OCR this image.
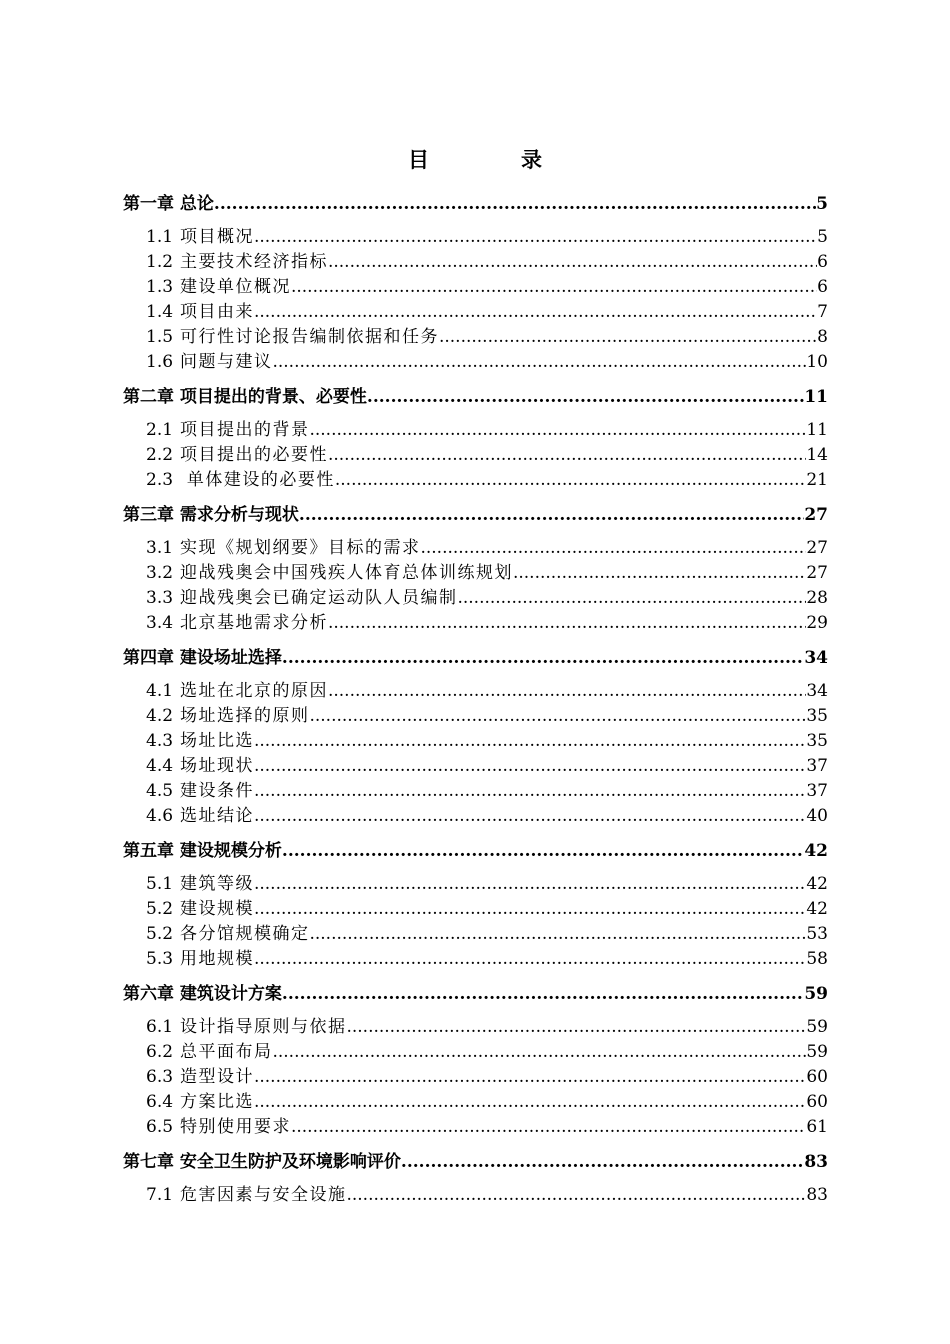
目	录
第一章 总论 .....	5
1.1 项目概况 .....	5
1.2 主要技术经济指标 .....	6
1.3 建设单位概况 .....	6
1.4 项目由来 .....	7
1.5 可行性讨论报告编制依据和任务 .....	8
1.6 问题与建议 .....	10
第二章 项目提出的背景、必要性 .....	11
2.1 项目提出的背景 .....	11
2.2 项目提出的必要性 .....	14
2.3  单体建设的必要性 .....	21
第三章 需求分析与现状 .....	27
3.1 实现《规划纲要》目标的需求 .....	27
3.2 迎战残奥会中国残疾人体育总体训练规划 .....	27
3.3 迎战残奥会已确定运动队人员编制 .....	28
3.4 北京基地需求分析 .....	29
第四章 建设场址选择 .....	34
4.1 选址在北京的原因 .....	34
4.2 场址选择的原则 .....	35
4.3 场址比选 .....	35
4.4 场址现状 .....	37
4.5 建设条件 .....	37
4.6 选址结论 .....	40
第五章 建设规模分析 .....	42
5.1 建筑等级 .....	42
5.2 建设规模 .....	42
5.2 各分馆规模确定 .....	53
5.3 用地规模 .....	58
第六章 建筑设计方案 .....	59
6.1 设计指导原则与依据 .....	59
6.2 总平面布局 .....	59
6.3 造型设计 .....	60
6.4 方案比选 .....	60
6.5 特别使用要求 .....	61
第七章 安全卫生防护及环境影响评价 .....	83
7.1 危害因素与安全设施 .....	83
